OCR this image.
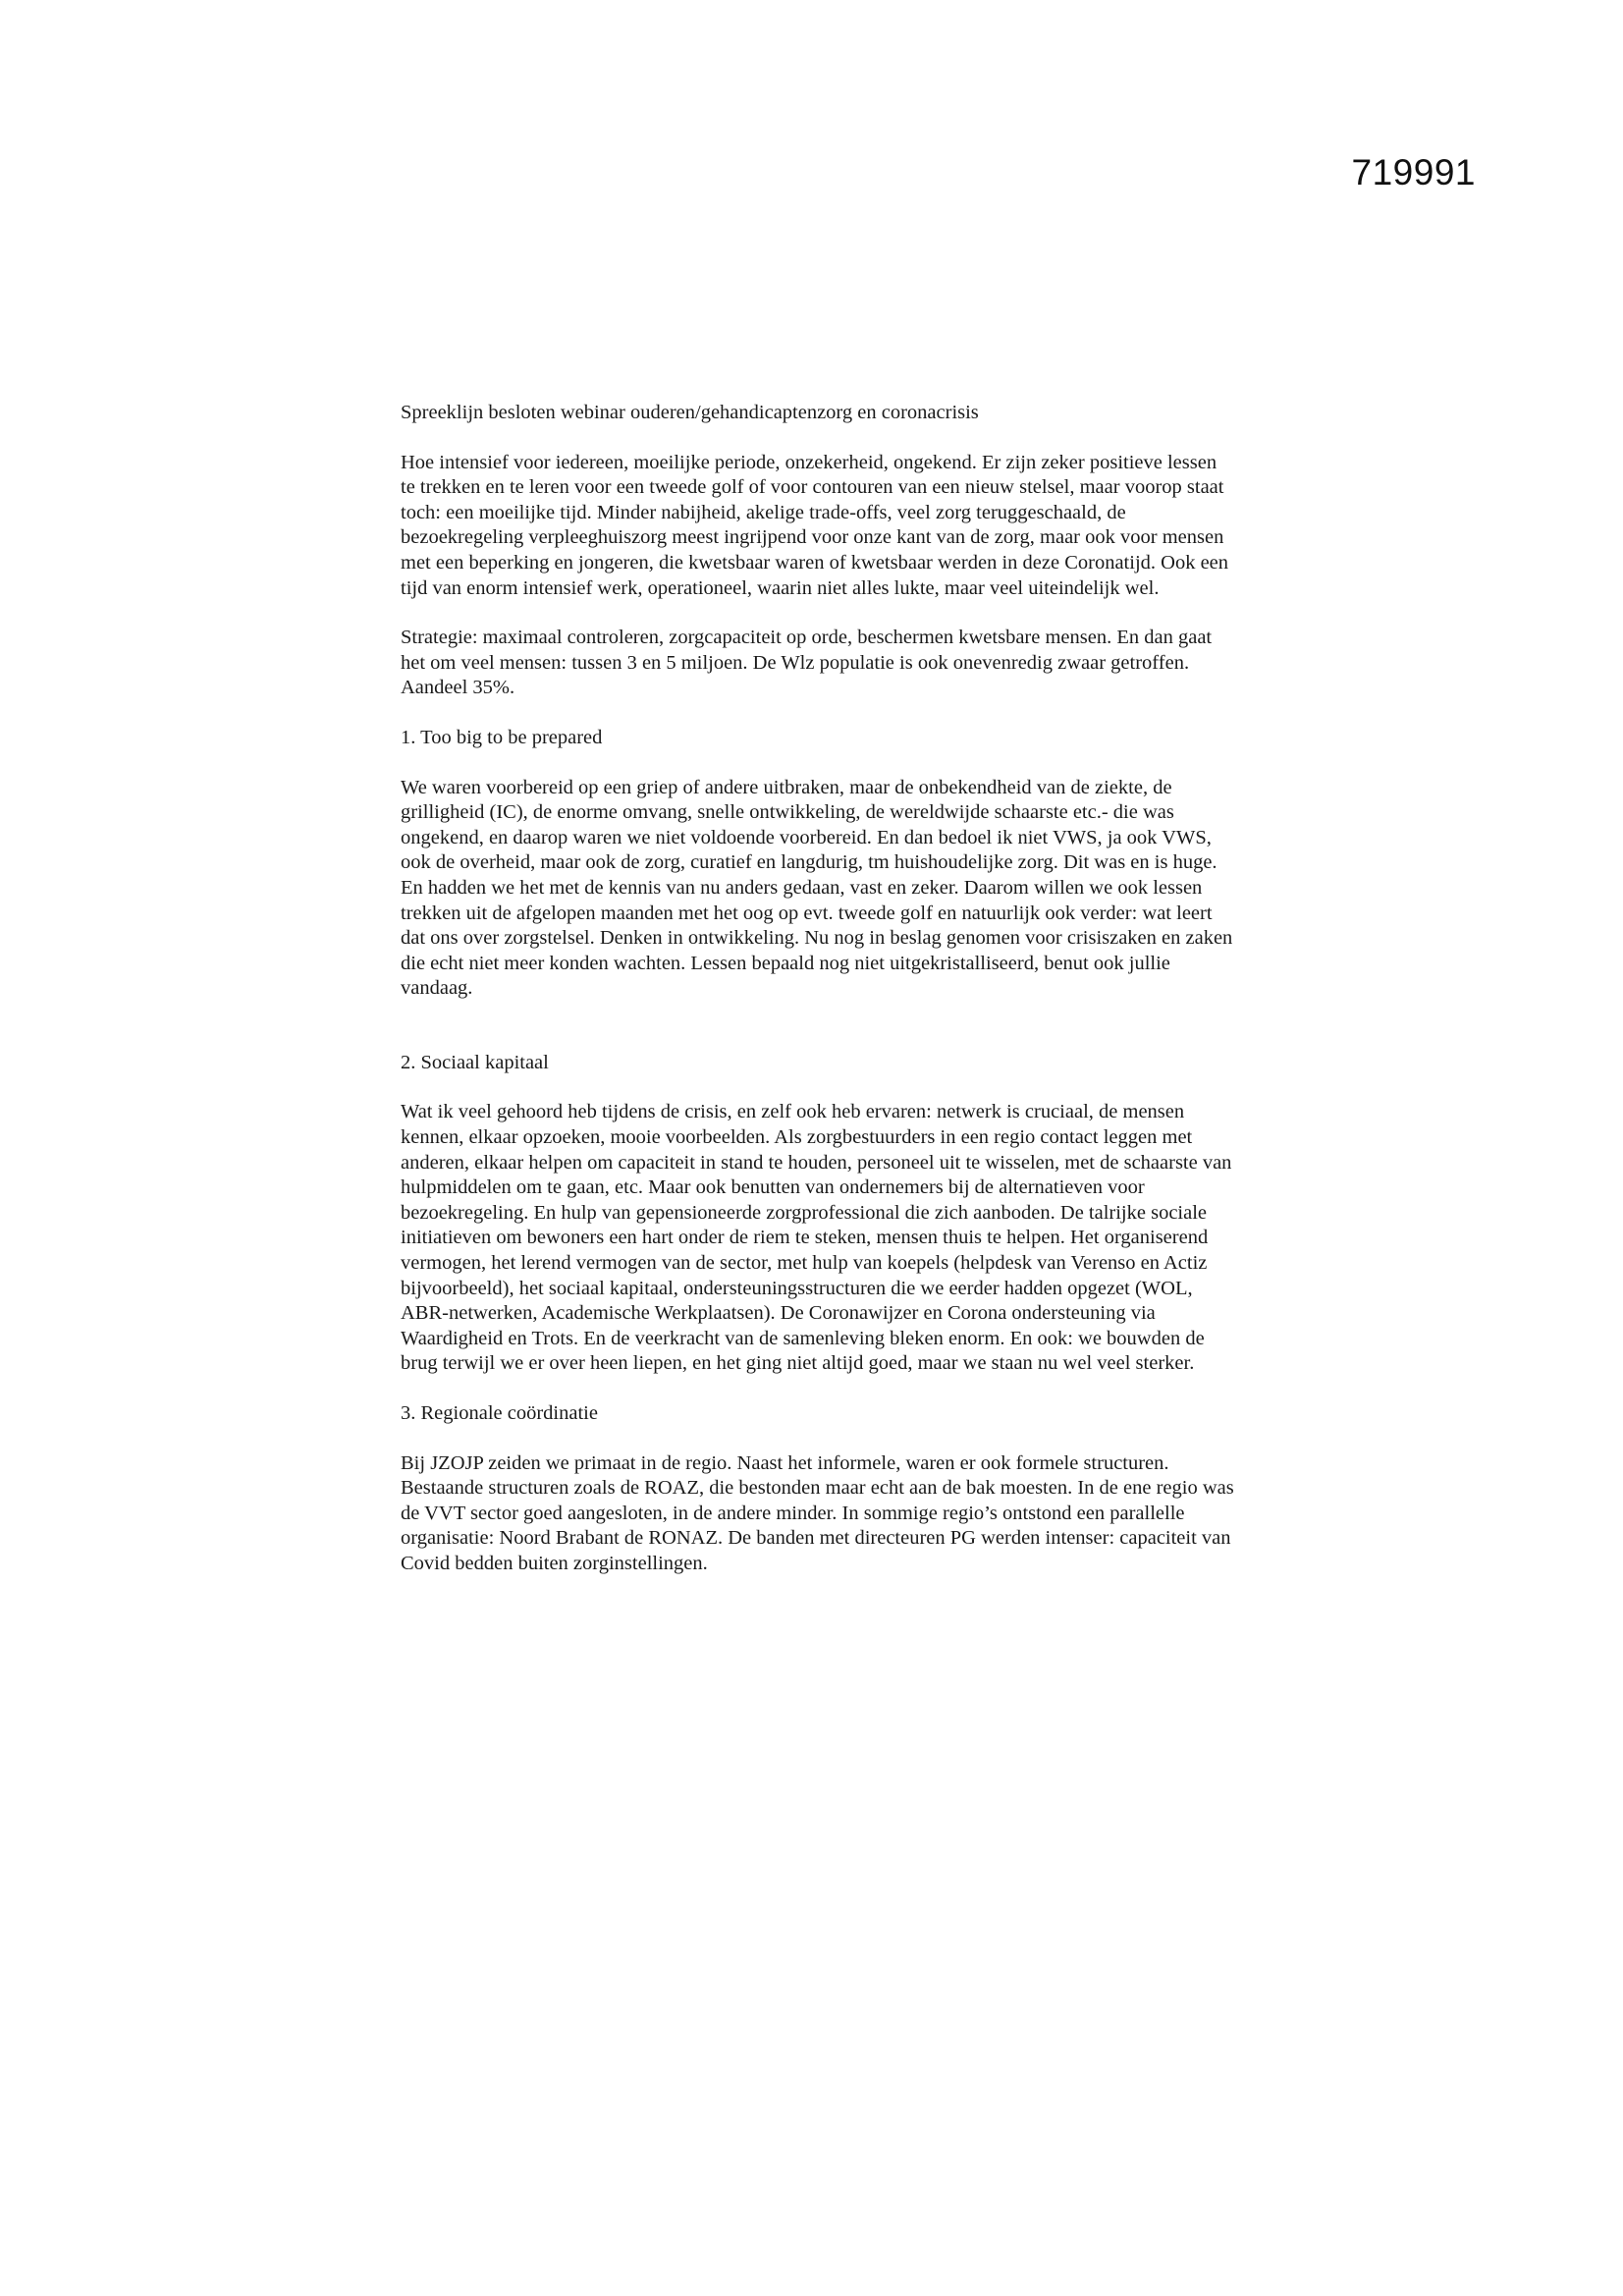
719991

Spreeklijn besloten webinar ouderen/gehandicaptenzorg en coronacrisis

Hoe intensief voor iedereen, moeilijke periode, onzekerheid, ongekend. Er zijn zeker positieve lessen te trekken en te leren voor een tweede golf of voor contouren van een nieuw stelsel, maar voorop staat toch: een moeilijke tijd. Minder nabijheid, akelige trade-offs, veel zorg teruggeschaald, de bezoekregeling verpleeghuiszorg meest ingrijpend voor onze kant van de zorg, maar ook voor mensen met een beperking en jongeren, die kwetsbaar waren of kwetsbaar werden in deze Coronatijd. Ook een tijd van enorm intensief werk, operationeel, waarin niet alles lukte, maar veel uiteindelijk wel.

Strategie: maximaal controleren, zorgcapaciteit op orde, beschermen kwetsbare mensen. En dan gaat het om veel mensen: tussen 3 en 5 miljoen. De Wlz populatie is ook onevenredig zwaar getroffen. Aandeel 35%.

1. Too big to be prepared

We waren voorbereid op een griep of andere uitbraken, maar de onbekendheid van de ziekte, de grilligheid (IC), de enorme omvang, snelle ontwikkeling, de wereldwijde schaarste etc.- die was ongekend, en daarop waren we niet voldoende voorbereid. En dan bedoel ik niet VWS, ja ook VWS, ook de overheid, maar ook de zorg, curatief en langdurig, tm huishoudelijke zorg. Dit was en is huge. En hadden we het met de kennis van nu anders gedaan, vast en zeker. Daarom willen we ook lessen trekken uit de afgelopen maanden met het oog op evt. tweede golf en natuurlijk ook verder: wat leert dat ons over zorgstelsel. Denken in ontwikkeling. Nu nog in beslag genomen voor crisiszaken en zaken die echt niet meer konden wachten. Lessen bepaald nog niet uitgekristalliseerd, benut ook jullie vandaag.

2. Sociaal kapitaal

Wat ik veel gehoord heb tijdens de crisis, en zelf ook heb ervaren: netwerk is cruciaal, de mensen kennen, elkaar opzoeken, mooie voorbeelden. Als zorgbestuurders in een regio contact leggen met anderen, elkaar helpen om capaciteit in stand te houden, personeel uit te wisselen, met de schaarste van hulpmiddelen om te gaan, etc. Maar ook benutten van ondernemers bij de alternatieven voor bezoekregeling. En hulp van gepensioneerde zorgprofessional die zich aanboden. De talrijke sociale initiatieven om bewoners een hart onder de riem te steken, mensen thuis te helpen. Het organiserend vermogen, het lerend vermogen van de sector, met hulp van koepels (helpdesk van Verenso en Actiz bijvoorbeeld), het sociaal kapitaal, ondersteuningsstructuren die we eerder hadden opgezet (WOL, ABR-netwerken, Academische Werkplaatsen). De Coronawijzer en Corona ondersteuning via Waardigheid en Trots. En de veerkracht van de samenleving bleken enorm. En ook: we bouwden de brug terwijl we er over heen liepen, en het ging niet altijd goed, maar we staan nu wel veel sterker.

3. Regionale coördinatie

Bij JZOJP zeiden we primaat in de regio. Naast het informele, waren er ook formele structuren. Bestaande structuren zoals de ROAZ, die bestonden maar echt aan de bak moesten. In de ene regio was de VVT sector goed aangesloten, in de andere minder. In sommige regio’s ontstond een parallelle organisatie: Noord Brabant de RONAZ. De banden met directeuren PG werden intenser: capaciteit van Covid bedden buiten zorginstellingen.
